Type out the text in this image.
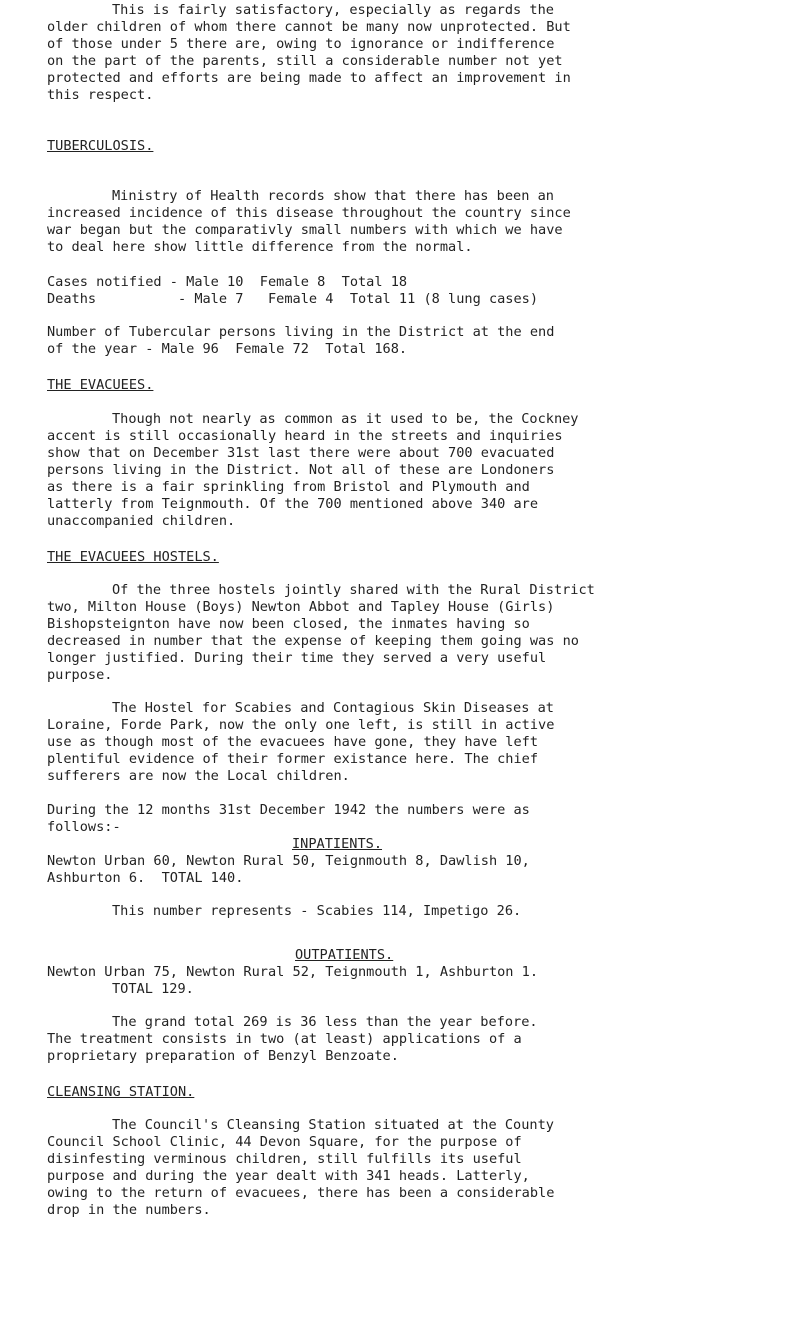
This is fairly satisfactory, especially as regards the
older children of whom there cannot be many now unprotected. But
of those under 5 there are, owing to ignorance or indifference
on the part of the parents, still a considerable number not yet
protected and efforts are being made to affect an improvement in
this respect.
TUBERCULOSIS.
Ministry of Health records show that there has been an
increased incidence of this disease throughout the country since
war began but the comparativly small numbers with which we have
to deal here show little difference from the normal.
Cases notified - Male 10  Female 8  Total 18
Deaths          - Male 7   Female 4  Total 11 (8 lung cases)
Number of Tubercular persons living in the District at the end
of the year - Male 96  Female 72  Total 168.
THE EVACUEES.
Though not nearly as common as it used to be, the Cockney
accent is still occasionally heard in the streets and inquiries
show that on December 31st last there were about 700 evacuated
persons living in the District. Not all of these are Londoners
as there is a fair sprinkling from Bristol and Plymouth and
latterly from Teignmouth. Of the 700 mentioned above 340 are
unaccompanied children.
THE EVACUEES HOSTELS.
Of the three hostels jointly shared with the Rural District
two, Milton House (Boys) Newton Abbot and Tapley House (Girls)
Bishopsteignton have now been closed, the inmates having so
decreased in number that the expense of keeping them going was no
longer justified. During their time they served a very useful
purpose.
The Hostel for Scabies and Contagious Skin Diseases at
Loraine, Forde Park, now the only one left, is still in active
use as though most of the evacuees have gone, they have left
plentiful evidence of their former existance here. The chief
sufferers are now the Local children.
During the 12 months 31st December 1942 the numbers were as
follows:-
INPATIENTS.
Newton Urban 60, Newton Rural 50, Teignmouth 8, Dawlish 10,
Ashburton 6.  TOTAL 140.
This number represents - Scabies 114, Impetigo 26.
OUTPATIENTS.
Newton Urban 75, Newton Rural 52, Teignmouth 1, Ashburton 1.
TOTAL 129.
The grand total 269 is 36 less than the year before.
The treatment consists in two (at least) applications of a
proprietary preparation of Benzyl Benzoate.
CLEANSING STATION.
The Council's Cleansing Station situated at the County
Council School Clinic, 44 Devon Square, for the purpose of
disinfesting verminous children, still fulfills its useful
purpose and during the year dealt with 341 heads. Latterly,
owing to the return of evacuees, there has been a considerable
drop in the numbers.
